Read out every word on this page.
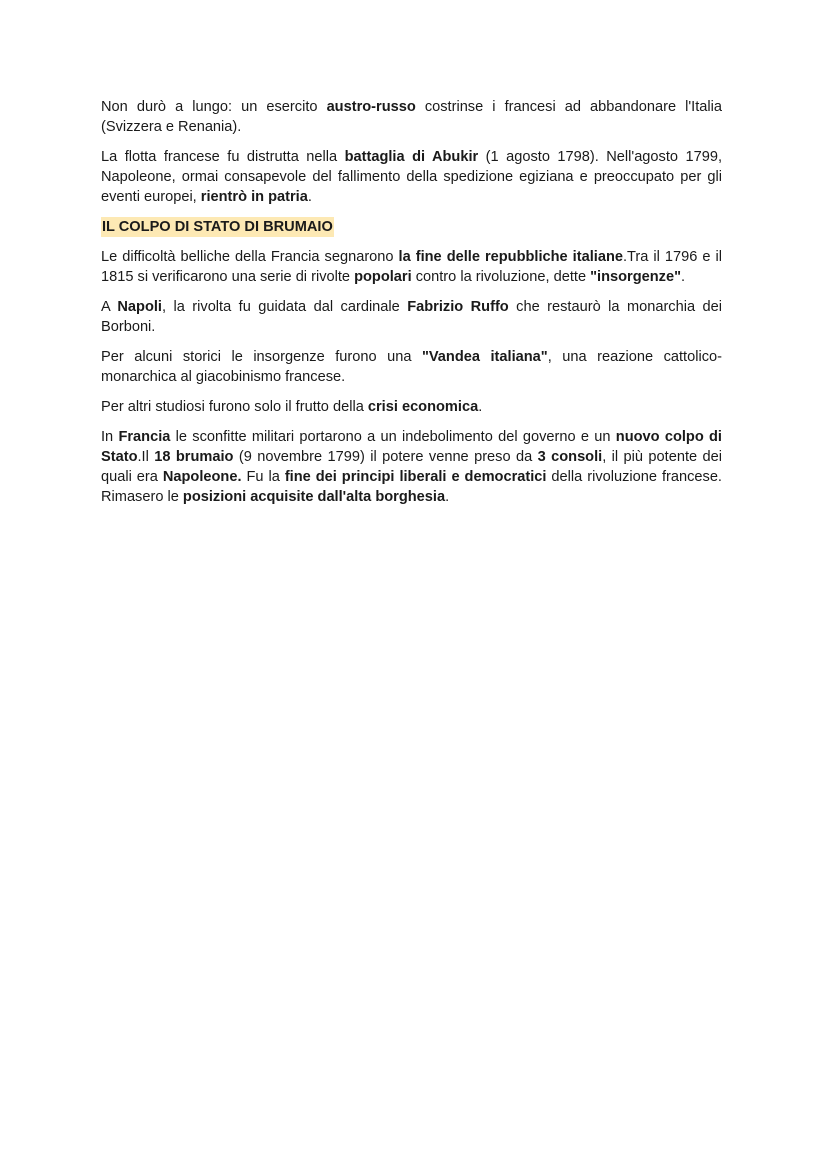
Non durò a lungo: un esercito austro-russo costrinse i francesi ad abbandonare l'Italia (Svizzera e Renania).

La flotta francese fu distrutta nella battaglia di Abukir (1 agosto 1798). Nell'agosto 1799, Napoleone, ormai consapevole del fallimento della spedizione egiziana e preoccupato per gli eventi europei, rientrò in patria.

IL COLPO DI STATO DI BRUMAIO

Le difficoltà belliche della Francia segnarono la fine delle repubbliche italiane.Tra il 1796 e il 1815 si verificarono una serie di rivolte popolari contro la rivoluzione, dette "insorgenze".

A Napoli, la rivolta fu guidata dal cardinale Fabrizio Ruffo che restaurò la monarchia dei Borboni.

Per alcuni storici le insorgenze furono una "Vandea italiana", una reazione cattolico-monarchica al giacobinismo francese.

Per altri studiosi furono solo il frutto della crisi economica.

In Francia le sconfitte militari portarono a un indebolimento del governo e un nuovo colpo di Stato.Il 18 brumaio (9 novembre 1799) il potere venne preso da 3 consoli, il più potente dei quali era Napoleone. Fu la fine dei principi liberali e democratici della rivoluzione francese. Rimasero le posizioni acquisite dall'alta borghesia.
